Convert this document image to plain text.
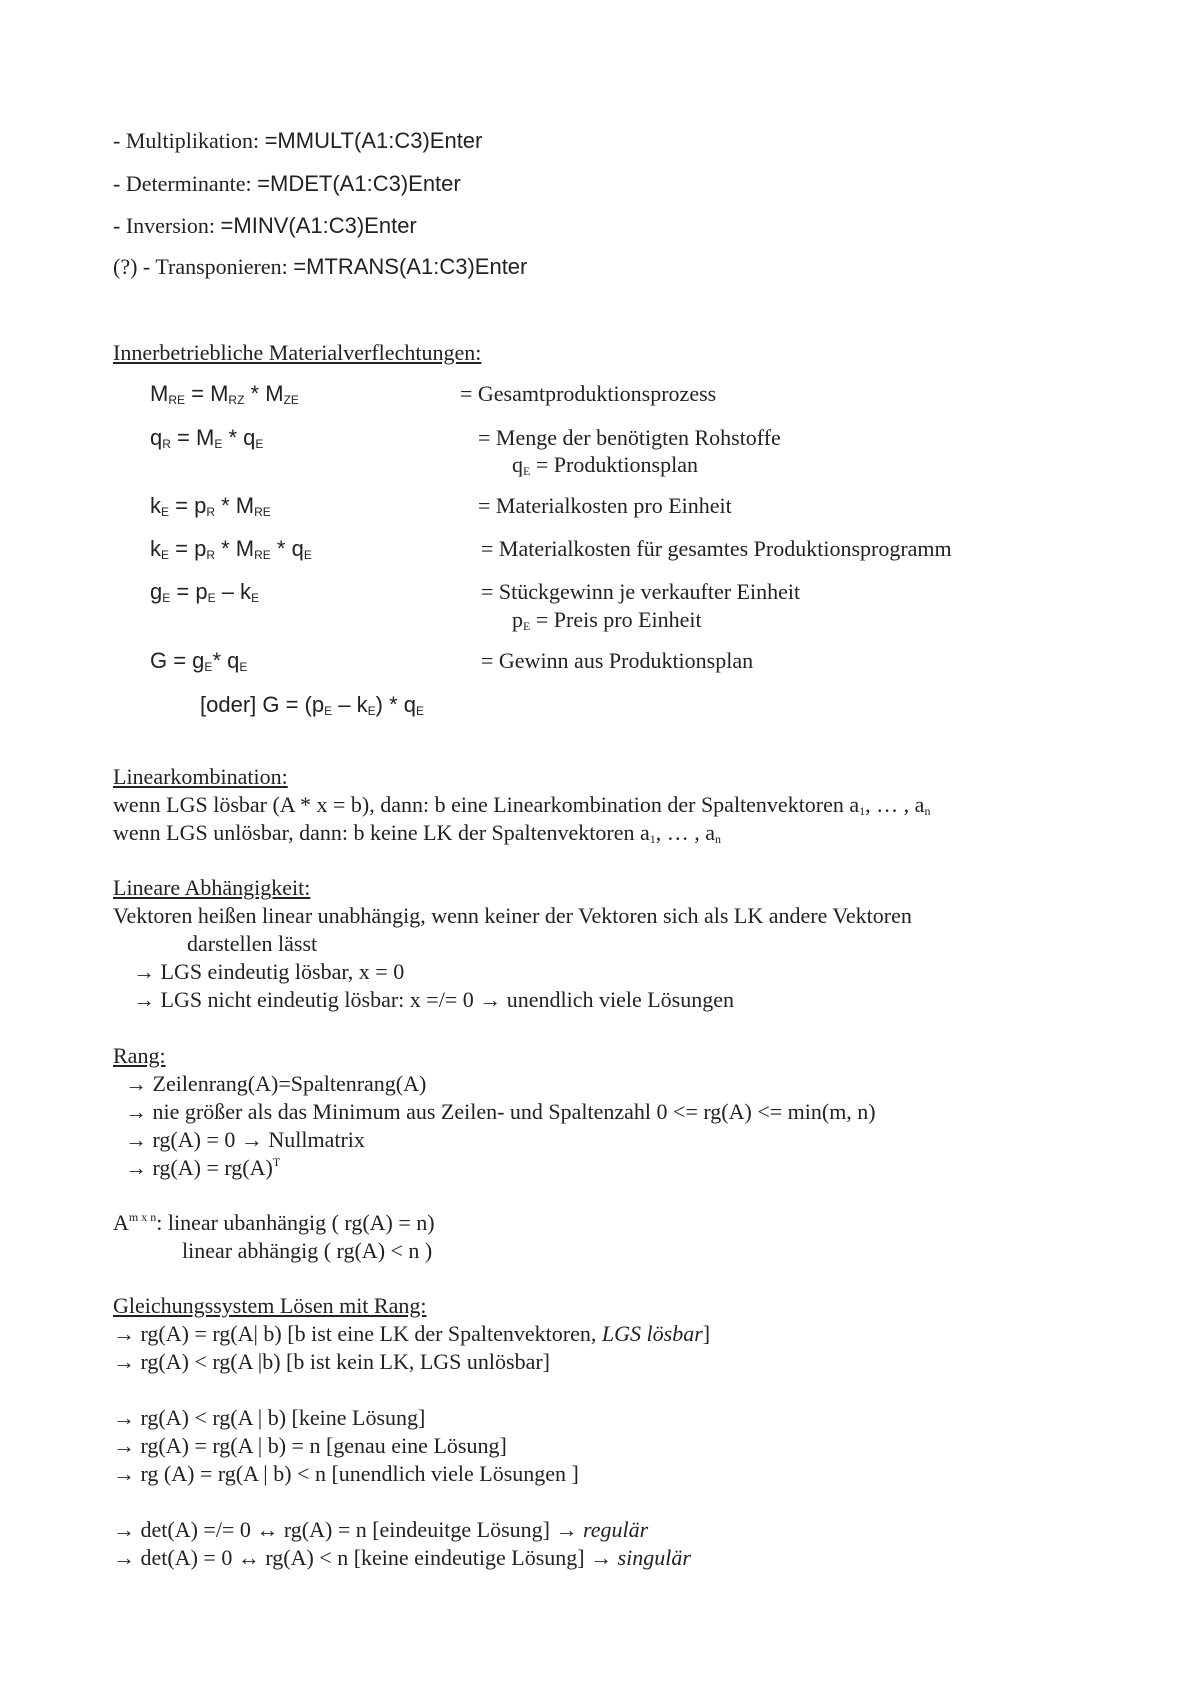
- Multiplikation: =MMULT(A1:C3)Enter
- Determinante: =MDET(A1:C3)Enter
- Inversion: =MINV(A1:C3)Enter
(?) - Transponieren: =MTRANS(A1:C3)Enter
Innerbetriebliche Materialverflechtungen:
$M_{RE} = M_{RZ} * M_{ZE}$	= Gesamtproduktionsprozess
$q_R = M_E * q_E$	= Menge der benötigten Rohstoffe
$q_E$ = Produktionsplan
$k_E = p_R * M_{RE}$	= Materialkosten pro Einheit
$k_E = p_R * M_{RE} * q_E$	= Materialkosten für gesamtes Produktionsprogramm
$g_E = p_E - k_E$	= Stückgewinn je verkaufter Einheit
$p_E$ = Preis pro Einheit
$G = g_E*$ $q_E$	= Gewinn aus Produktionsplan
[oder] $G = (p_E - k_E) * q_E$
Linearkombination:
wenn LGS lösbar (A * x = b), dann: b eine Linearkombination der Spaltenvektoren $a_1$, … , $a_n$
wenn LGS unlösbar, dann: b keine LK der Spaltenvektoren $a_1$, … , $a_n$
Lineare Abhängigkeit:
Vektoren heißen linear unabhängig, wenn keiner der Vektoren sich als LK andere Vektoren
darstellen lässt
→ LGS eindeutig lösbar, x = 0
→ LGS nicht eindeutig lösbar: x =/= 0 → unendlich viele Lösungen
Rang:
→ Zeilenrang(A)=Spaltenrang(A)
→ nie größer als das Minimum aus Zeilen- und Spaltenzahl 0 <= rg(A) <= min(m, n)
→ rg(A) = 0 → Nullmatrix
→ $rg(A) = rg(A)^T$
$A^{m x n}$: linear ubanhängig ( rg(A) = n)
linear abhängig ( rg(A) < n )
Gleichungssystem Lösen mit Rang:
→ rg(A) = rg(A| b) [b ist eine LK der Spaltenvektoren, LGS lösbar]
→ rg(A) < rg(A |b) [b ist kein LK, LGS unlösbar]
→ rg(A) < rg(A | b) [keine Lösung]
→ rg(A) = rg(A | b) = n [genau eine Lösung]
→ rg (A) = rg(A | b) < n [unendlich viele Lösungen ]
→ det(A) =/= 0 ↔ rg(A) = n [eindeuitge Lösung] → regulär
→ det(A) = 0 ↔ rg(A) < n [keine eindeutige Lösung] → singulär
